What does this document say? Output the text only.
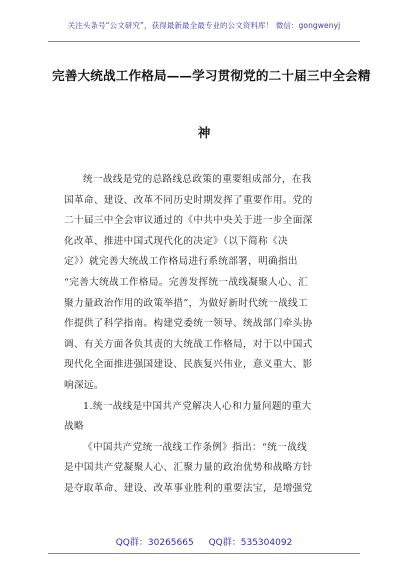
关注头条号“公文研究”，获得最新最全最专业的公文资料库！ 微信：gongwenyj
完善大统战工作格局——学习贯彻党的二十届三中全会精
神

统一战线是党的总路线总政策的重要组成部分，在我

国革命、建设、改革不同历史时期发挥了重要作用。党的

二十届三中全会审议通过的《中共中央关于进一步全面深

化改革、推进中国式现代化的决定》（以下简称《决

定》）就完善大统战工作格局进行系统部署，明确指出

“完善大统战工作格局。完善发挥统一战线凝聚人心、汇

聚力量政治作用的政策举措”，为做好新时代统一战线工

作提供了科学指南。构建党委统一领导、统战部门牵头协

调、有关方面各负其责的大统战工作格局，对于以中国式

现代化全面推进强国建设、民族复兴伟业，意义重大、影

响深远。

1.统一战线是中国共产党解决人心和力量问题的重大

战略

《中国共产党统一战线工作条例》指出：“统一战线

是中国共产党凝聚人心、汇聚力量的政治优势和战略方针

是夺取革命、建设、改革事业胜利的重要法宝，是增强党

QQ群：30265665 QQ群：535304092
